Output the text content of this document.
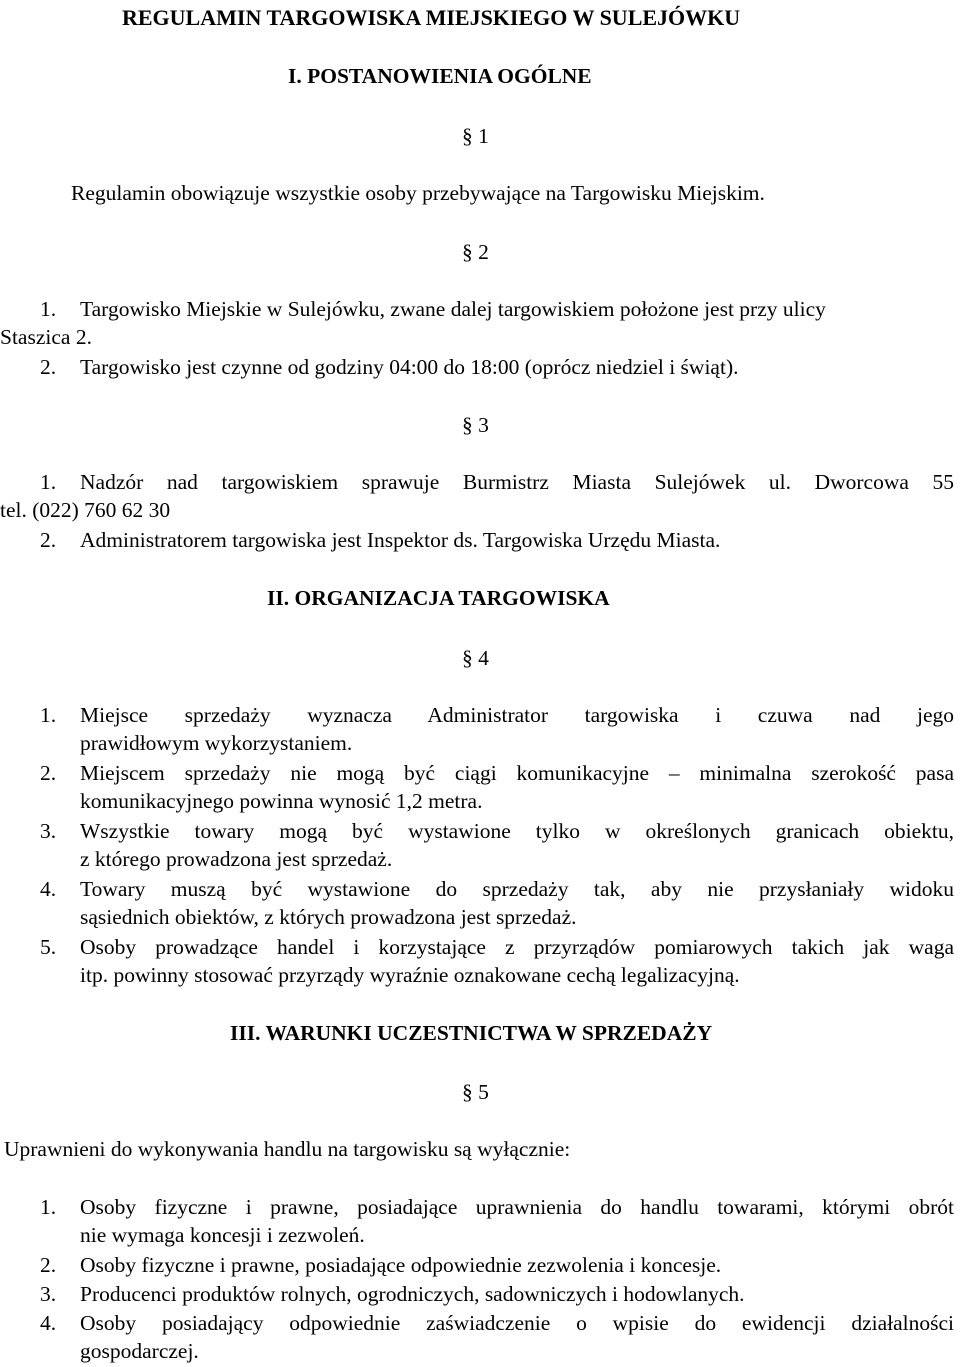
REGULAMIN TARGOWISKA MIEJSKIEGO W SULEJÓWKU
I. POSTANOWIENIA OGÓLNE
§ 1
Regulamin obowiązuje wszystkie osoby przebywające na Targowisku Miejskim.
§ 2
1. Targowisko Miejskie w Sulejówku, zwane dalej targowiskiem położone jest przy ulicy
Staszica 2.
2. Targowisko jest czynne od godziny 04:00 do 18:00 (oprócz niedziel i świąt).
§ 3
1. Nadzór nad targowiskiem sprawuje Burmistrz Miasta Sulejówek ul. Dworcowa 55
tel. (022) 760 62 30
2. Administratorem targowiska jest Inspektor ds. Targowiska Urzędu Miasta.
II. ORGANIZACJA TARGOWISKA
§ 4
1. Miejsce sprzedaży wyznacza Administrator targowiska i czuwa nad jego
prawidłowym wykorzystaniem.
2. Miejscem sprzedaży nie mogą być ciągi komunikacyjne – minimalna szerokość pasa
komunikacyjnego powinna wynosić 1,2 metra.
3. Wszystkie towary mogą być wystawione tylko w określonych granicach obiektu,
z którego prowadzona jest sprzedaż.
4. Towary muszą być wystawione do sprzedaży tak, aby nie przysłaniały widoku
sąsiednich obiektów, z których prowadzona jest sprzedaż.
5. Osoby prowadzące handel i korzystające z przyrządów pomiarowych takich jak waga
itp. powinny stosować przyrządy wyraźnie oznakowane cechą legalizacyjną.
III. WARUNKI UCZESTNICTWA W SPRZEDAŻY
§ 5
Uprawnieni do wykonywania handlu na targowisku są wyłącznie:
1. Osoby fizyczne i prawne, posiadające uprawnienia do handlu towarami, którymi obrót
nie wymaga koncesji i zezwoleń.
2. Osoby fizyczne i prawne, posiadające odpowiednie zezwolenia i koncesje.
3. Producenci produktów rolnych, ogrodniczych, sadowniczych i hodowlanych.
4. Osoby posiadający odpowiednie zaświadczenie o wpisie do ewidencji działalności
gospodarczej.
